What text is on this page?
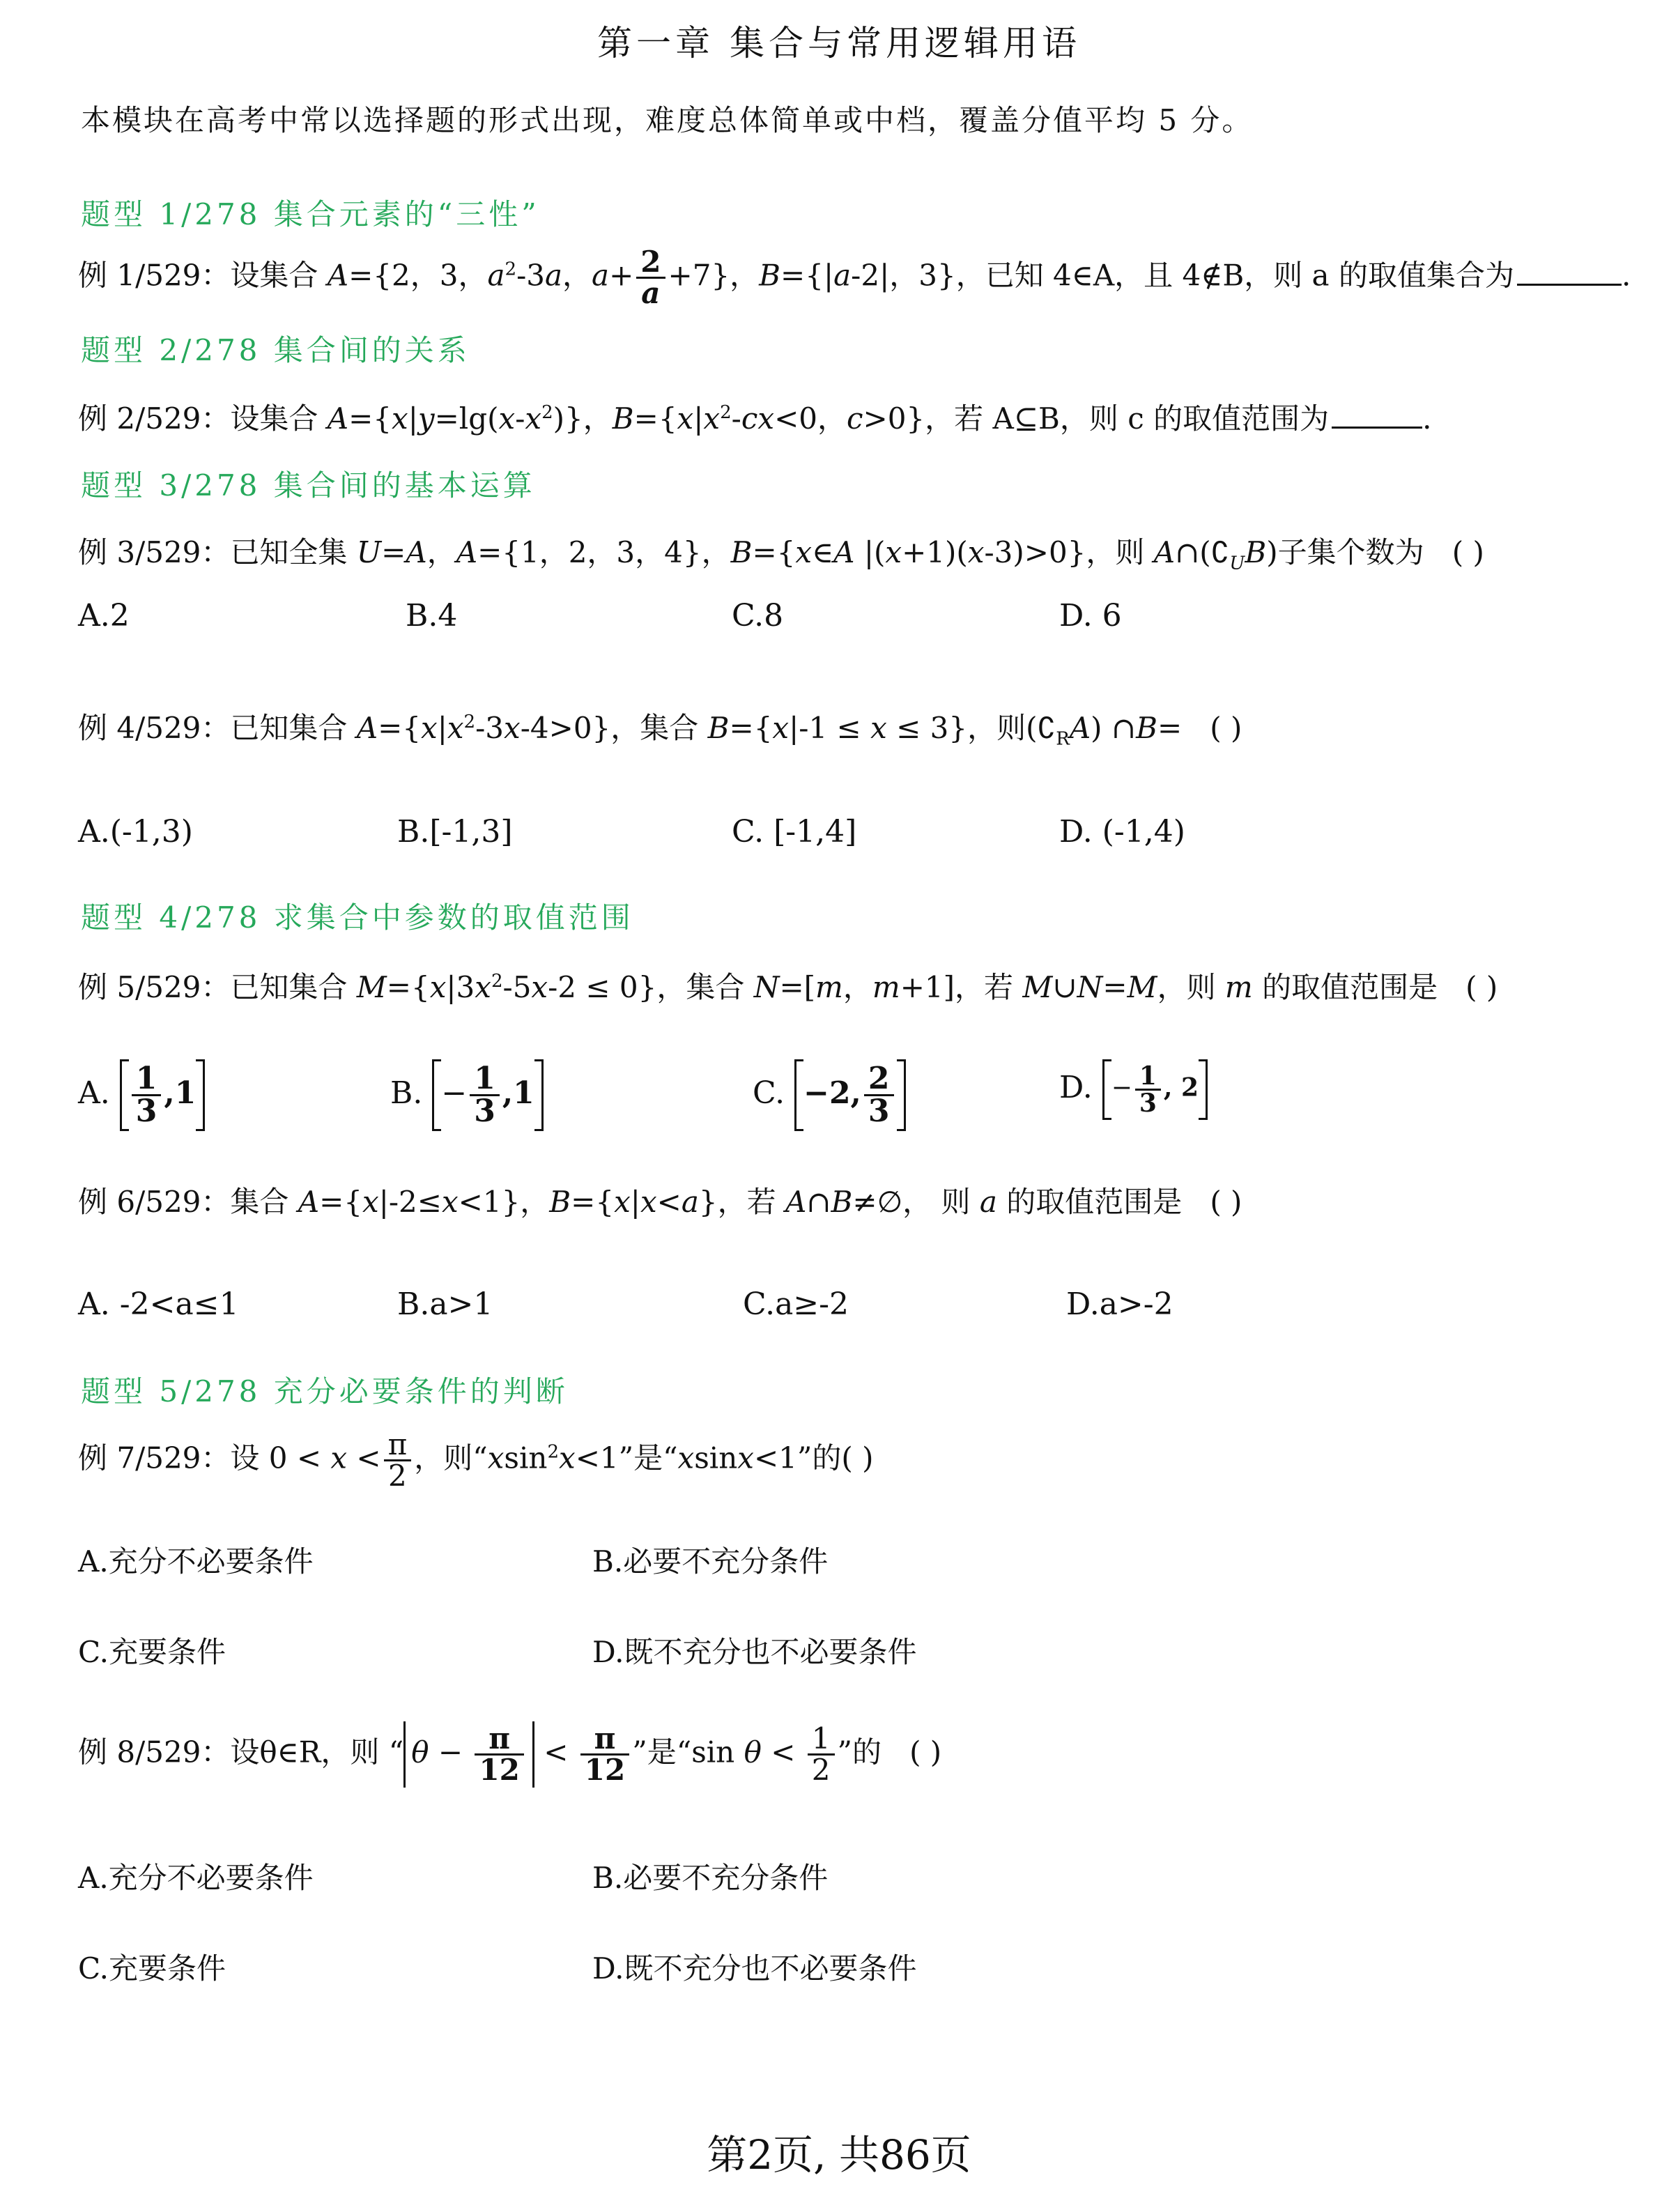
第一章 集合与常用逻辑用语
本模块在高考中常以选择题的形式出现，难度总体简单或中档，覆盖分值平均 5 分。
题型 1/278 集合元素的“三性”
例 1/529：设集合 A={2，3，$a^2-3a$，$a+ \frac{2}{a} +7$}，B={|a-2|，3}，已知 4∈A，且 4∉B，则 a 的取值集合为	.
题型 2/278 集合间的关系
例 2/529：设集合 $A=\{x|y=\lg(x-x^2)\}$，$B=\{x|x^2-cx<0$，c>0}，若 A⊆B，则 c 的取值范围为	.
题型 3/278 集合间的基本运算
例 3/529：已知全集 U=A，A={1，2，3，4}，B={x∈A |(x+1)(x-3)>0}，则 $A\cap(∁_UB)$子集个数为   ( )
A.2	B.4	C.8	D. 6
例 4/529：已知集合 $A=\{x|x^2-3x-4>0\}$，集合 B={x|-1 ≤ x ≤ 3}，则$(∁_RA)$ ∩B=   ( )
A.(-1,3)	B.[-1,3]	C. [-1,4]	D. (-1,4)
题型 4/278 求集合中参数的取值范围
例 5/529：已知集合 $M=\{x|3x^2-5x-2 \le 0\}$，集合 N=[m，m+1]，若 M∪N=M，则 m 的取值范围是   ( )
A. $\frac{1}{3} ,1$	B. − $\frac{1}{3} ,1$	C. −2, $\frac{2}{3}$	D. − $\frac{1}{3}$ , 2
例 6/529：集合 A={x|-2≤x<1}，B={x|x<a}，若 A∩B≠∅， 则 a 的取值范围是   ( )
A. -2<a≤1	B.a>1	C.a≥-2	D.a>-2
题型 5/278 充分必要条件的判断
例 7/529：设 $0 < x < \frac{\pi}{2}$ ，则“xsin$^2$x<1”是“xsinx<1”的( )
A.充分不必要条件	B.必要不充分条件
C.充要条件	D.既不充分也不必要条件
例 8/529：设θ∈R，则 “ $\theta - \frac{\pi}{12} < \frac{\pi}{12}$ ”是“sin $\theta < \frac{1}{2}$ ”的   ( )
A.充分不必要条件	B.必要不充分条件
C.充要条件	D.既不充分也不必要条件
第2页, 共86页
